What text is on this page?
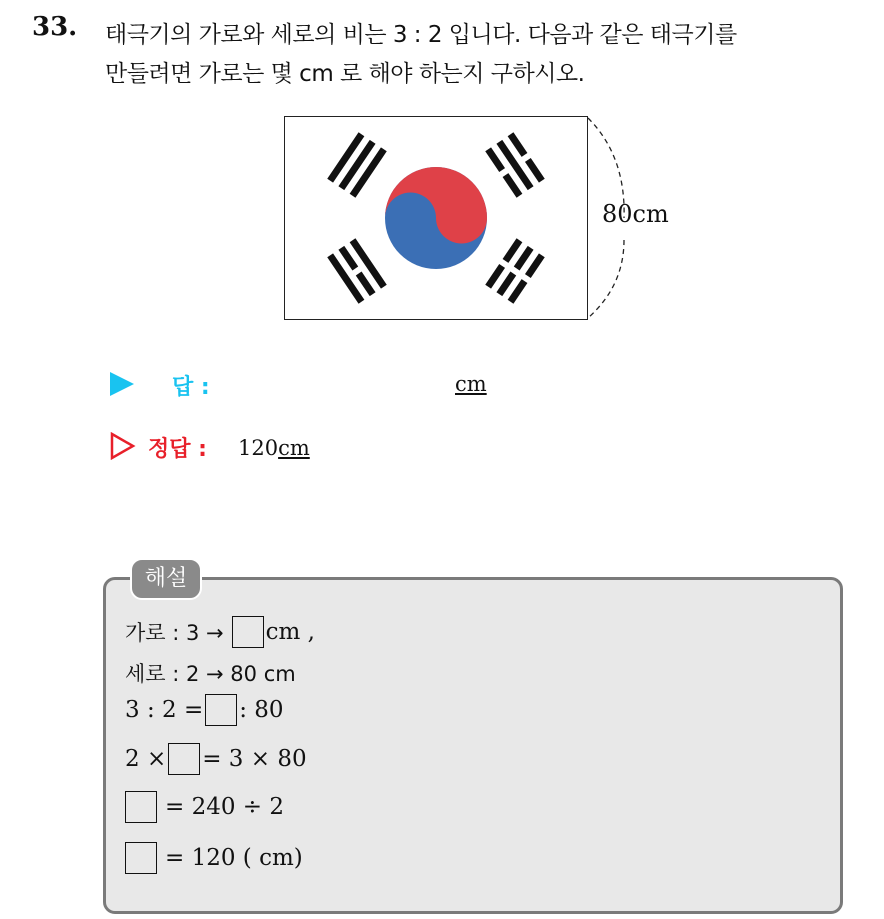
33. 태극기의 가로와 세로의 비는 3 : 2 입니다. 다음과 같은 태극기를
만들려면 가로는 몇 cm 로 해야 하는지 구하시오.
80cm
답 :	cm
정답 : 120cm
해설
가로 : 3 → cm ,
세로 : 2 → 80 cm
3 : 2 = : 80
2 × = 3 × 80
= 240 ÷ 2
= 120 ( cm)
